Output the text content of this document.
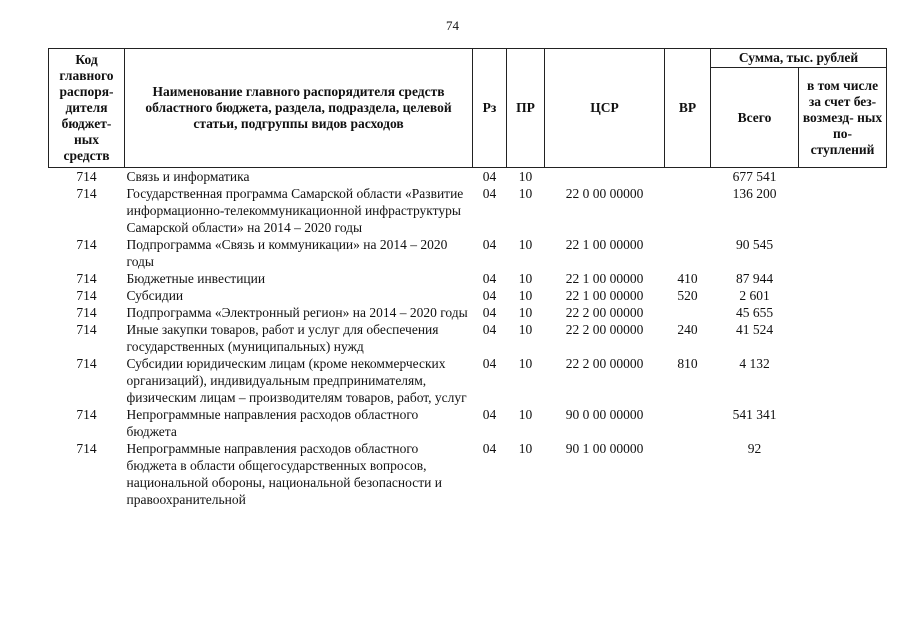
74
Код главного распоря- дителя бюджет- ных средств	Наименование главного распорядителя средств областного бюджета, раздела, подраздела, целевой статьи, подгруппы видов расходов	Рз	ПР	ЦСР	ВР	Сумма, тыс. рублей	
						Всего	в том числе за счет без- возмезд- ных по- ступлений
714	Связь и информатика	04	10			677 541	
714	Государственная программа Самарской области «Развитие информационно-телекоммуникационной инфраструктуры Самарской области» на 2014 – 2020 годы	04	10	22 0 00 00000		136 200	
714	Подпрограмма «Связь и коммуникации» на 2014 – 2020 годы	04	10	22 1 00 00000		90 545	
714	Бюджетные инвестиции	04	10	22 1 00 00000	410	87 944	
714	Субсидии	04	10	22 1 00 00000	520	2 601	
714	Подпрограмма «Электронный регион» на 2014 – 2020 годы	04	10	22 2 00 00000		45 655	
714	Иные закупки товаров, работ и услуг для обеспечения государственных (муниципальных) нужд	04	10	22 2 00 00000	240	41 524	
714	Субсидии юридическим лицам (кроме некоммерческих организаций), индивидуальным предпринимателям, физическим лицам – производителям товаров, работ, услуг	04	10	22 2 00 00000	810	4 132	
714	Непрограммные направления расходов областного бюджета	04	10	90 0 00 00000		541 341	
714	Непрограммные направления расходов областного бюджета в области общегосударственных вопросов, национальной обороны, национальной безопасности и правоохранительной	04	10	90 1 00 00000		92	
